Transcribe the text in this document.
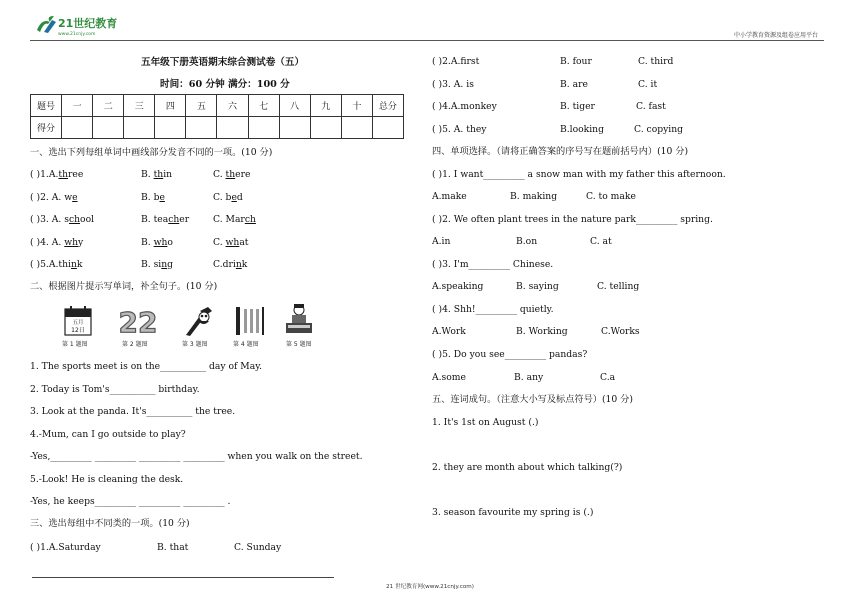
21世纪教育
www.21cnjy.com	中小学教育资源及组卷应用平台
五年级下册英语期末综合测试卷（五）
时间：60 分钟 满分：100 分
题号	一	二	三	四	五	六	七	八	九	十	总分
得分											
一、选出下列每组单词中画线部分发音不同的一项。(10 分)
( )1.A.three	B. thin	C. there
( )2. A. we	B. be	C. bed
( )3. A. school	B. teacher	C. March
( )4. A. why	B. who	C. what
( )5.A.think	B. sing	C.drink
二、根据图片提示写单词，补全句子。(10 分)
五月
12日 22
第 1 题图	第 2 题图	第 3 题图	第 4 题图	第 5 题图
1. The sports meet is on the__________ day of May.
2. Today is Tom's__________ birthday.
3. Look at the panda. It's__________ the tree.
4.-Mum, can I go outside to play?
-Yes,_________ _________ _________ _________ when you walk on the street.
5.-Look! He is cleaning the desk.
-Yes, he keeps_________ _________ _________ .
三、选出每组中不同类的一项。(10 分)
( )1.A.Saturday	B. that	C. Sunday
( )2.A.first	B. four	C. third
( )3. A. is	B. are	C. it
( )4.A.monkey	B. tiger	C. fast
( )5. A. they	B.looking	C. copying
四、单项选择。（请将正确答案的序号写在题前括号内）(10 分)
( )1. I want_________ a snow man with my father this afternoon.
A.make	B. making	C. to make
( )2. We often plant trees in the nature park_________ spring.
A.in	B.on	C. at
( )3. I'm_________ Chinese.
A.speaking	B. saying	C. telling
( )4. Shh!_________ quietly.
A.Work	B. Working	C.Works
( )5. Do you see_________ pandas?
A.some	B. any	C.a
五、连词成句。（注意大小写及标点符号）(10 分)
1. It's 1st on August (.)
2. they are month about which talking(?)
3. season favourite my spring is (.)
21 世纪教育网(www.21cnjy.com)
